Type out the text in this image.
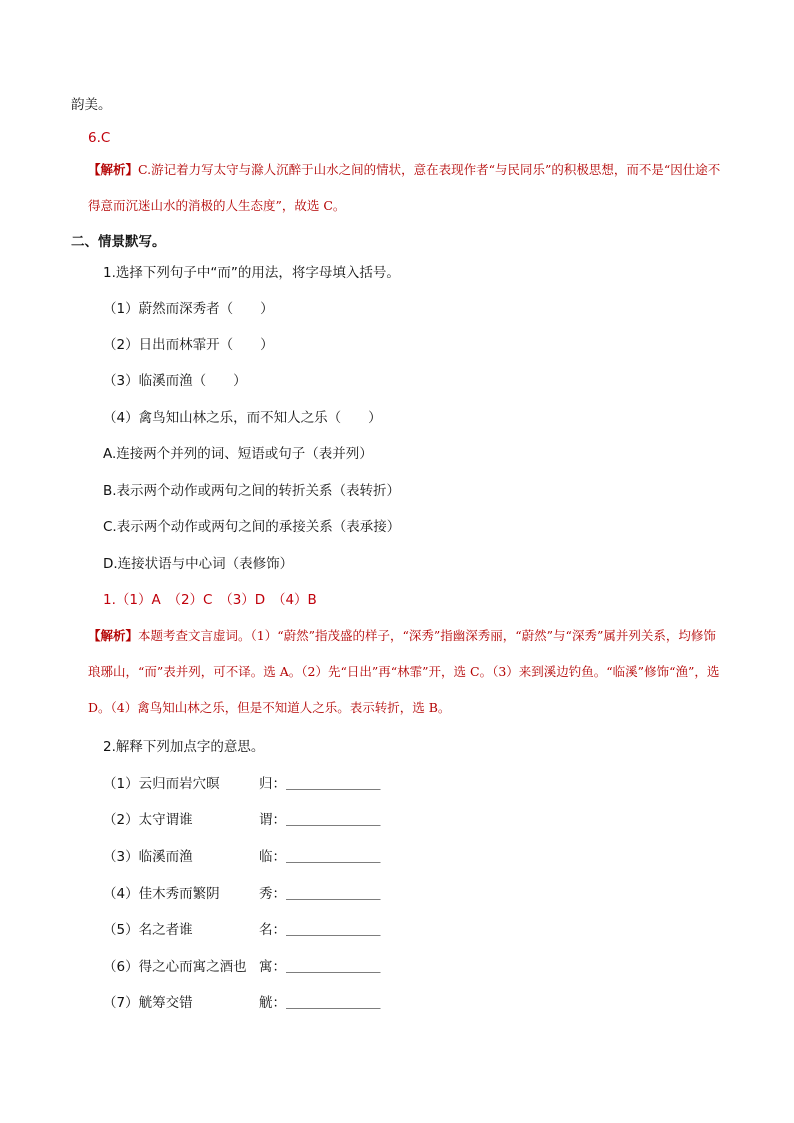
韵美。
6.C
【解析】C.游记着力写太守与滁人沉醉于山水之间的情状，意在表现作者“与民同乐”的积极思想，而不是“因仕途不得意而沉迷山水的消极的人生态度”，故选 C。
二、情景默写。
1.选择下列句子中“而”的用法，将字母填入括号。
（1）蔚然而深秀者（　　）
（2）日出而林霏开（　　）
（3）临溪而渔（　　）
（4）禽鸟知山林之乐，而不知人之乐（　　）
A.连接两个并列的词、短语或句子（表并列）
B.表示两个动作或两句之间的转折关系（表转折）
C.表示两个动作或两句之间的承接关系（表承接）
D.连接状语与中心词（表修饰）
1.（1）A　（2）C　（3）D　（4）B
【解析】本题考查文言虚词。（1）“蔚然”指茂盛的样子，“深秀”指幽深秀丽，“蔚然”与“深秀”属并列关系，均修饰琅琊山，“而”表并列，可不译。选 A。（2）先“日出”再“林霏”开，选 C。（3）来到溪边钓鱼。“临溪”修饰“渔”，选 D。（4）禽鸟知山林之乐，但是不知道人之乐。表示转折，选 B。
2.解释下列加点字的意思。
（1）云归而岩穴暝	归：＿＿＿＿＿＿＿
（2）太守谓谁	谓：＿＿＿＿＿＿＿
（3）临溪而渔	临：＿＿＿＿＿＿＿
（4）佳木秀而繁阴	秀：＿＿＿＿＿＿＿
（5）名之者谁	名：＿＿＿＿＿＿＿
（6）得之心而寓之酒也 寓：＿＿＿＿＿＿＿
（7）觥筹交错	觥：＿＿＿＿＿＿＿
